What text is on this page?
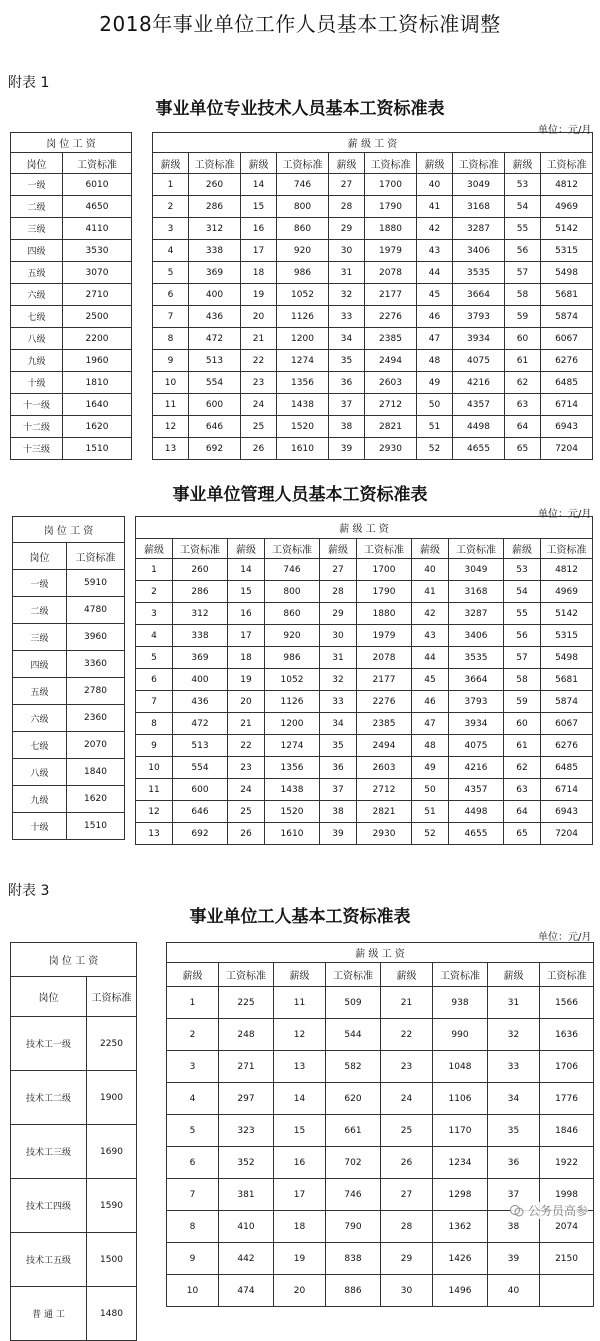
2018年事业单位工作人员基本工资标准调整
附表 1
事业单位专业技术人员基本工资标准表
单位：元/月
岗 位 工 资	
岗位	工资标准
一级	6010
二级	4650
三级	4110
四级	3530
五级	3070
六级	2710
七级	2500
八级	2200
九级	1960
十级	1810
十一级	1640
十二级	1620
十三级	1510
薪 级 工 资									
薪级	工资标准	薪级	工资标准	薪级	工资标准	薪级	工资标准	薪级	工资标准
1	260	14	746	27	1700	40	3049	53	4812
2	286	15	800	28	1790	41	3168	54	4969
3	312	16	860	29	1880	42	3287	55	5142
4	338	17	920	30	1979	43	3406	56	5315
5	369	18	986	31	2078	44	3535	57	5498
6	400	19	1052	32	2177	45	3664	58	5681
7	436	20	1126	33	2276	46	3793	59	5874
8	472	21	1200	34	2385	47	3934	60	6067
9	513	22	1274	35	2494	48	4075	61	6276
10	554	23	1356	36	2603	49	4216	62	6485
11	600	24	1438	37	2712	50	4357	63	6714
12	646	25	1520	38	2821	51	4498	64	6943
13	692	26	1610	39	2930	52	4655	65	7204
事业单位管理人员基本工资标准表
单位：元/月
岗 位 工 资	
岗位	工资标准
一级	5910
二级	4780
三级	3960
四级	3360
五级	2780
六级	2360
七级	2070
八级	1840
九级	1620
十级	1510
薪 级 工 资									
薪级	工资标准	薪级	工资标准	薪级	工资标准	薪级	工资标准	薪级	工资标准
1	260	14	746	27	1700	40	3049	53	4812
2	286	15	800	28	1790	41	3168	54	4969
3	312	16	860	29	1880	42	3287	55	5142
4	338	17	920	30	1979	43	3406	56	5315
5	369	18	986	31	2078	44	3535	57	5498
6	400	19	1052	32	2177	45	3664	58	5681
7	436	20	1126	33	2276	46	3793	59	5874
8	472	21	1200	34	2385	47	3934	60	6067
9	513	22	1274	35	2494	48	4075	61	6276
10	554	23	1356	36	2603	49	4216	62	6485
11	600	24	1438	37	2712	50	4357	63	6714
12	646	25	1520	38	2821	51	4498	64	6943
13	692	26	1610	39	2930	52	4655	65	7204
附表 3
事业单位工人基本工资标准表
单位：元/月
岗 位 工 资	
岗位	工资标准
技术工一级	2250
技术工二级	1900
技术工三级	1690
技术工四级	1590
技术工五级	1500
普 通 工	1480
薪 级 工 资							
薪级	工资标准	薪级	工资标准	薪级	工资标准	薪级	工资标准
1	225	11	509	21	938	31	1566
2	248	12	544	22	990	32	1636
3	271	13	582	23	1048	33	1706
4	297	14	620	24	1106	34	1776
5	323	15	661	25	1170	35	1846
6	352	16	702	26	1234	36	1922
7	381	17	746	27	1298	37	1998
8	410	18	790	28	1362	38	2074
9	442	19	838	29	1426	39	2150
10	474	20	886	30	1496	40	
公务员高参
